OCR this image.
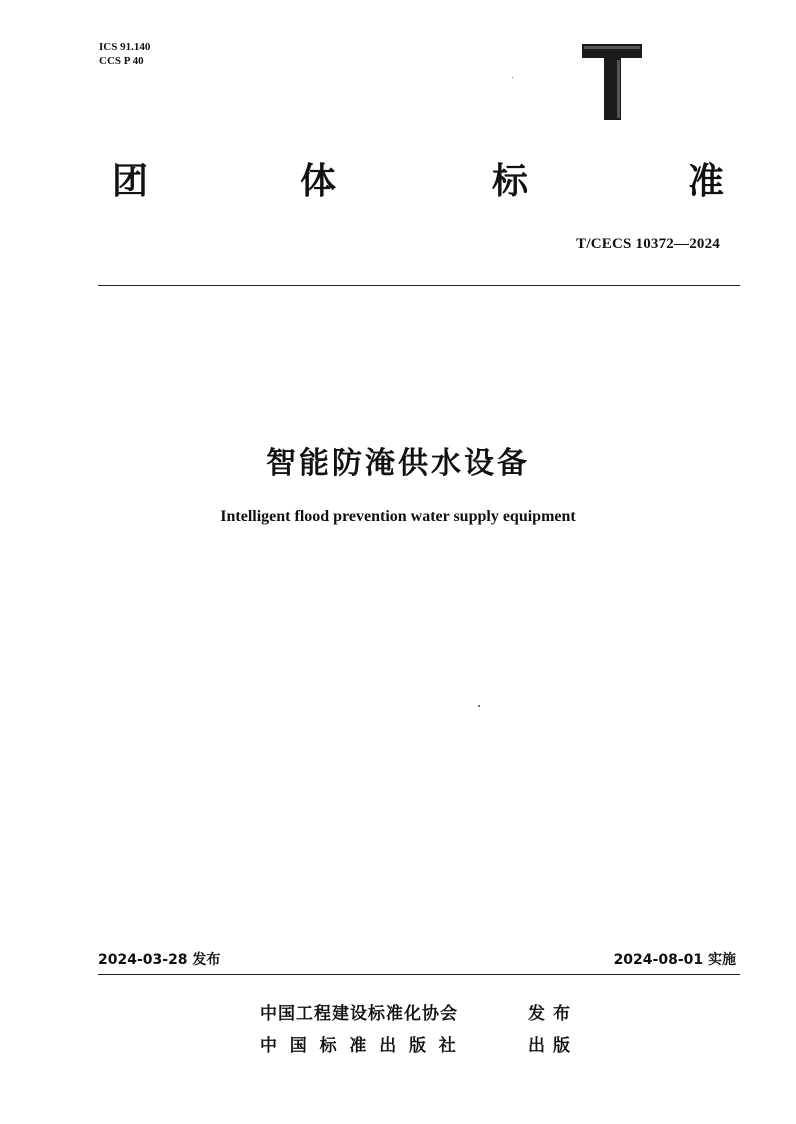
ICS 91.140
CCS P 40
团	体	标	准
T/CECS 10372—2024
智能防淹供水设备
Intelligent flood prevention water supply equipment
2024-03-28 发布	2024-08-01 实施
中国工程建设标准化协会	发布
中国标准出版社	出版
